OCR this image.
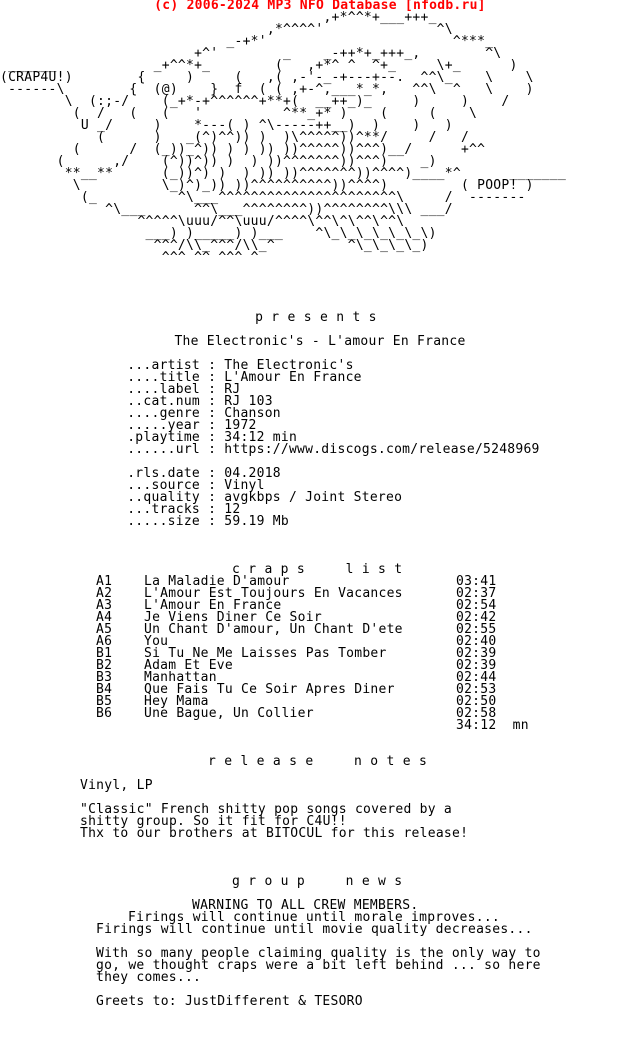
(c) 2006-2024 MP3 NFO Database [nfodb.ru]
,+*^^*+___+++_
,*^^^^'              ^\
_-+*'                       ^***_
+^'        _    _-++*+_+++_,        ^\
______            _+^^*+_        (   ,+*^ ^  ^+_     \+_      )
(CRAP4U!)        {     )     (   ,( ,-'-_-+---+--.  ^^\_    \    \
------\        {  (@)    }  f  ( ( ,+-^,___*_*,   ^^\  ^   \    )
\  (:;-/    (_+*-+^^^^^^+**+(  __++_)_     )     )    /
(  /   (   (   '          ^**_+* )    (     (    \
U _/     )    *---( ) ^\-----++__)  )    )   )
(      )   _(^)^^)) )  )\^^^^^))^**/     /   /
(      /  (_))_^)) ) ) )) ))^^^^^))^^^)__/      +^^
(      ,/    (^))^)) )  ) ))^^^^^^^))^^^)    _)
**__**      (_))^) )  ) )) ))^^^^^^^))^^^^)____*^      _______
\          \_)^)_)) ))^^^^^^^^^^))^^^^)         ( POOP! )
(_          ^\___^^^^^^^^^^^^^^^^^^^^^^\     /  -------
^\___      ^^\___^^^^^^^^))^^^^^^^^\\\ ___/
^^^^^\uuu/^^\uuu/^^^^\^^\^\^^\^^\
___) )_____) )___    ^\_\_\_\_\_\_\)
^^^/\\_^^^/\\_^         ^\_\_\_\_)
^^^ ^^ ^^^ ^
presents
The Electronic's - L'amour En France
...artist : The Electronic's
....title : L'Amour En France
....label : RJ
..cat.num : RJ 103
....genre : Chanson
.....year : 1972
.playtime : 34:12 min
......url : https://www.discogs.com/release/5248969
.rls.date : 04.2018
...source : Vinyl
..quality : avgkbps / Joint Stereo
...tracks : 12
.....size : 59.19 Mb
craps  list
A1 La Maladie D'amour	03:41
A2 L'Amour Est Toujours En Vacances	02:37
A3 L'Amour En France	02:54
A4 Je Viens Diner Ce Soir	02:42
A5 Un Chant D'amour, Un Chant D'ete	02:55
A6 You	02:40
B1 Si Tu Ne Me Laisses Pas Tomber	02:39
B2 Adam Et Eve	02:39
B3 Manhattan	02:44
B4 Que Fais Tu Ce Soir Apres Diner	02:53
B5 Hey Mama	02:50
B6 Une Bague, Un Collier	02:58
34:12  mn
release  notes
Vinyl, LP
"Classic" French shitty pop songs covered by a
shitty group. So it fit for C4U!!
Thx to our brothers at BITOCUL for this release!
group  news
WARNING TO ALL CREW MEMBERS.
Firings will continue until morale improves...
Firings will continue until movie quality decreases...
With so many people claiming quality is the only way to
go, we thought craps were a bit left behind ... so here
they comes...
Greets to: JustDifferent & TESORO
